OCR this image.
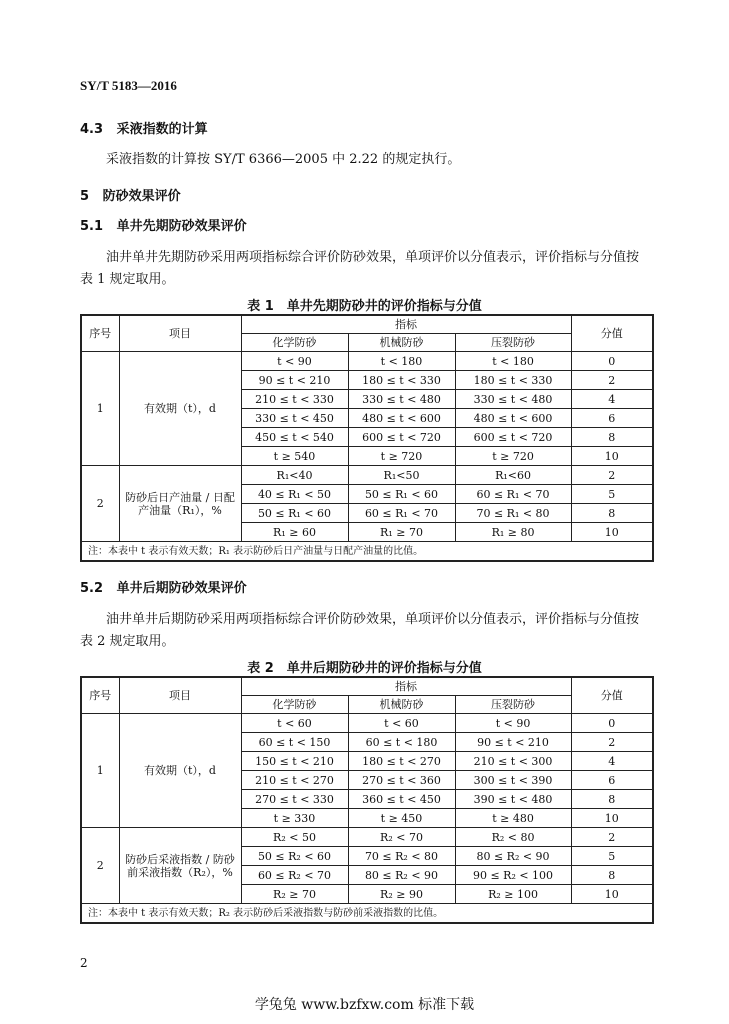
SY/T 5183—2016
4.3 采液指数的计算
采液指数的计算按 SY/T 6366—2005 中 2.22 的规定执行。
5 防砂效果评价
5.1 单井先期防砂效果评价
油井单井先期防砂采用两项指标综合评价防砂效果，单项评价以分值表示，评价指标与分值按
表 1 规定取用。
表 1　单井先期防砂井的评价指标与分值
序号	项目	指标			分值
		化学防砂	机械防砂	压裂防砂	
1	有效期（t），d	t < 90	t < 180	t < 180	0
		90 ≤ t < 210	180 ≤ t < 330	180 ≤ t < 330	2
		210 ≤ t < 330	330 ≤ t < 480	330 ≤ t < 480	4
		330 ≤ t < 450	480 ≤ t < 600	480 ≤ t < 600	6
		450 ≤ t < 540	600 ≤ t < 720	600 ≤ t < 720	8
		t ≥ 540	t ≥ 720	t ≥ 720	10
2	防砂后日产油量 / 日配
产油量（R₁），%	R₁<40	R₁<50	R₁<60	2
		40 ≤ R₁ < 50	50 ≤ R₁ < 60	60 ≤ R₁ < 70	5
		50 ≤ R₁ < 60	60 ≤ R₁ < 70	70 ≤ R₁ < 80	8
		R₁ ≥ 60	R₁ ≥ 70	R₁ ≥ 80	10
注：本表中 t 表示有效天数；R₁ 表示防砂后日产油量与日配产油量的比值。					
5.2 单井后期防砂效果评价
油井单井后期防砂采用两项指标综合评价防砂效果，单项评价以分值表示，评价指标与分值按
表 2 规定取用。
表 2　单井后期防砂井的评价指标与分值
序号	项目	指标			分值
		化学防砂	机械防砂	压裂防砂	
1	有效期（t），d	t < 60	t < 60	t < 90	0
		60 ≤ t < 150	60 ≤ t < 180	90 ≤ t < 210	2
		150 ≤ t < 210	180 ≤ t < 270	210 ≤ t < 300	4
		210 ≤ t < 270	270 ≤ t < 360	300 ≤ t < 390	6
		270 ≤ t < 330	360 ≤ t < 450	390 ≤ t < 480	8
		t ≥ 330	t ≥ 450	t ≥ 480	10
2	防砂后采液指数 / 防砂
前采液指数（R₂），%	R₂ < 50	R₂ < 70	R₂ < 80	2
		50 ≤ R₂ < 60	70 ≤ R₂ < 80	80 ≤ R₂ < 90	5
		60 ≤ R₂ < 70	80 ≤ R₂ < 90	90 ≤ R₂ < 100	8
		R₂ ≥ 70	R₂ ≥ 90	R₂ ≥ 100	10
注：本表中 t 表示有效天数；R₂ 表示防砂后采液指数与防砂前采液指数的比值。					
2
学兔兔 www.bzfxw.com 标准下载
